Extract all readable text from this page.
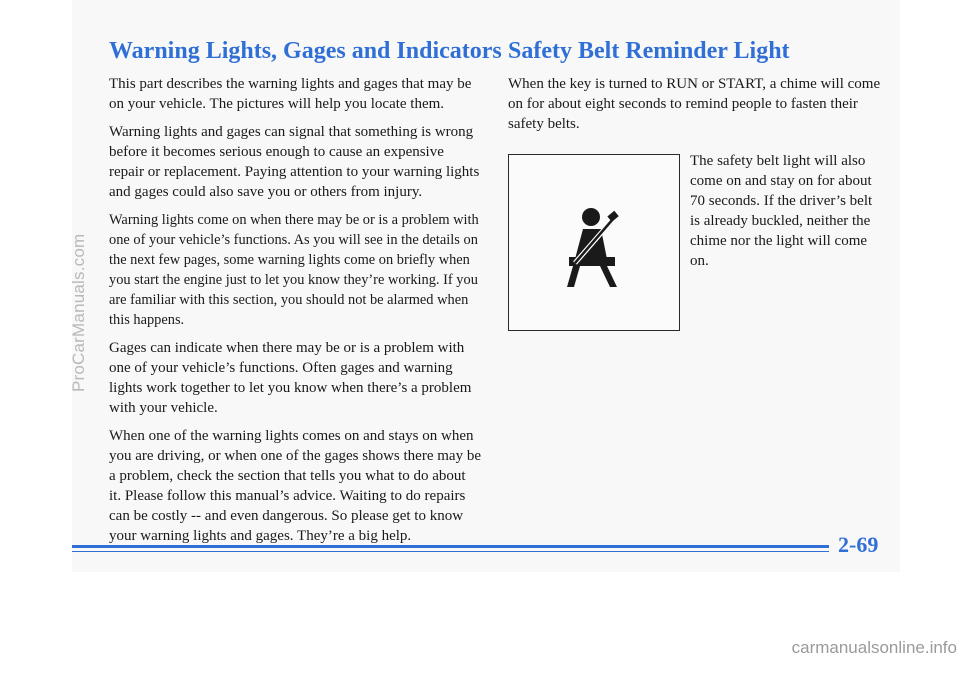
ProCarManuals.com
Warning Lights, Gages and Indicators

This part describes the warning lights and gages that may be on your vehicle. The pictures will help you locate them.

Warning lights and gages can signal that something is wrong before it becomes serious enough to cause an expensive repair or replacement. Paying attention to your warning lights and gages could also save you or others from injury.

Warning lights come on when there may be or is a problem with one of your vehicle’s functions. As you will see in the details on the next few pages, some warning lights come on briefly when you start the engine just to let you know they’re working. If you are familiar with this section, you should not be alarmed when this happens.

Gages can indicate when there may be or is a problem with one of your vehicle’s functions. Often gages and warning lights work together to let you know when there’s a problem with your vehicle.

When one of the warning lights comes on and stays on when you are driving, or when one of the gages shows there may be a problem, check the section that tells you what to do about it. Please follow this manual’s advice. Waiting to do repairs can be costly -- and even dangerous. So please get to know your warning lights and gages. They’re a big help.

Safety Belt Reminder Light

When the key is turned to RUN or START, a chime will come on for about eight seconds to remind people to fasten their safety belts.

The safety belt light will also come on and stay on for about 70 seconds. If the driver’s belt is already buckled, neither the chime nor the light will come on.

2-69
carmanualsonline.info
